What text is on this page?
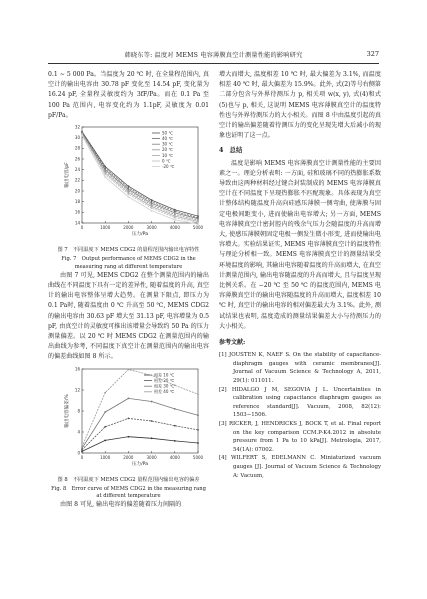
韩晓东等: 温度对 MEMS 电容薄膜真空计测量性能的影响研究	327

0.1 ~ 5 000 Pa。当温度为 20 ℃ 时, 在全量程范围内, 真空计的输出电容由 30.78 pF 变化至 14.54 pF, 变化量为 16.24 pF, 全量程灵敏度约为 3fF/Pa。而在 0.1 Pa 至 100 Pa 范围内, 电容变化约为 1.1pF, 灵敏度为 0.01 pF/Pa。

0	1000	2000	3000	4000	5000
14
16
18
20
22
24
26
28
30
32
压力/Pa
输出电容/pF
50 ℃
40 ℃
30 ℃
20 ℃
10 ℃
0 ℃
-20 ℃
图 7　不同温度下 MEMS CDG2 的量程范围内输出电容特性
Fig. 7　Output performance of MEMS CDG2 in the measuring rang at different temperature

由图 7 可见, MEMS CDG2 在整个测量范围内的输出曲线在不同温度下具有一定的差异性, 随着温度的升高, 真空计的输出电容整体呈增大趋势。在测量下限点, 即压力为 0.1 Pa时, 随着温度由 0 ℃ 升高至 50 ℃, MEMS CDG2 的输出电容由 30.63 pF 增大至 31.13 pF, 电容增量为 0.5 pF, 由真空计的灵敏度可推出该增量会导致约 50 Pa 的压力测量偏差。以 20 ℃ 时 MEMS CDG2 在测量范围内的输出曲线为参考, 不同温度下真空计在测量范围内的输出电容的偏差曲线如图 8 所示。

0	1000	2000	3000	4000	5000
0
4
8
12
16
压力/Pa
输出电容偏差/%
相差 10 ℃
相差 20 ℃
相差 30 ℃
相差 40 ℃
图 8　不同温度下 MEMS CDG2 量程范围内输出电容的偏差
Fig. 8　Error curve of MEMS CDG2 in the measuring rang at different temperature

由图 8 可见, 输出电容的偏差随着压力间隔的

增大而增大, 温度相差 10 ℃ 时, 最大偏差为 3.1%, 而温度相差 40 ℃ 时, 最大偏差为 15.9%。此外, 式(2)等号右侧第二部分包含与外界待测压力 p, 相关项 w(x, y), 式(4)和式(5)也与 p, 相关, 这说明 MEMS 电容薄膜真空计的温度特性也与外界待测压力的大小相关。而图 8 中由温度引起的真空计的输出偏差随着待测压力的变化呈现先增大后减小的现象也证明了这一点。

4　总结

温度是影响 MEMS 电容薄膜真空计测量性能的主要因素之一。理论分析表明: 一方面, 硅和玻璃不同的热膨胀系数导致由这两种材料经过键合封装制成的 MEMS 电容薄膜真空计在不同温度下呈现热膨胀不匹配现象。具体表现为真空计整体结构随温度升高向硅感压薄膜一侧弯曲, 使薄膜与固定电极间距变小, 进而使输出电容增大; 另一方面, MEMS 电容薄膜真空计密封腔内的残余气压力会随温度的升高而增大, 使感压薄膜朝固定电极一侧发生微小形变, 进而使输出电容增大。实验结果证实, MEMS 电容薄膜真空计的温度特性与理论分析相一致。MEMS 电容薄膜真空计的测量结果受环境温度的影响, 其输出电容随着温度的升高而增大, 在真空计测量范围内, 输出电容随温度的升高而增大, 且与温度呈现比例关系。在 −20 ℃ 至 50 ℃ 的温度范围内, MEMS 电容薄膜真空计的输出电容随温度的升高而增大, 温度相差 10 ℃ 时, 真空计的输出电容的相对偏差最大为 3.1%。此外, 测试结果也表明, 温度造成的测量结果偏差大小与待测压力的大小相关。

参考文献:

[1] JOUSTEN K, NAEF S. On the stability of capacitance-diaphragm gauges with ceramic membranes[J]. Journal of Vacuum Science & Technology A, 2011, 29(1): 011011.

[2] HIDALGO J M, SEGOVIA J L. Uncertainties in calibration using capacitance diaphragm gauges as reference standard[J]. Vacuum, 2008, 82(12): 1503−1506.

[3] RICKER, J, HENDRICKS J, BOCK T, et al. Final report on the key comparison CCM.P-K4.2012 in absolute pressure from 1 Pa to 10 kPa[J]. Metrologia, 2017, 54(1A): 07002.

[4] WILFERT S, EDELMANN C. Miniaturized vacuum gauges [J]. Journal of Vacuum Science & Technology A: Vacuum,
